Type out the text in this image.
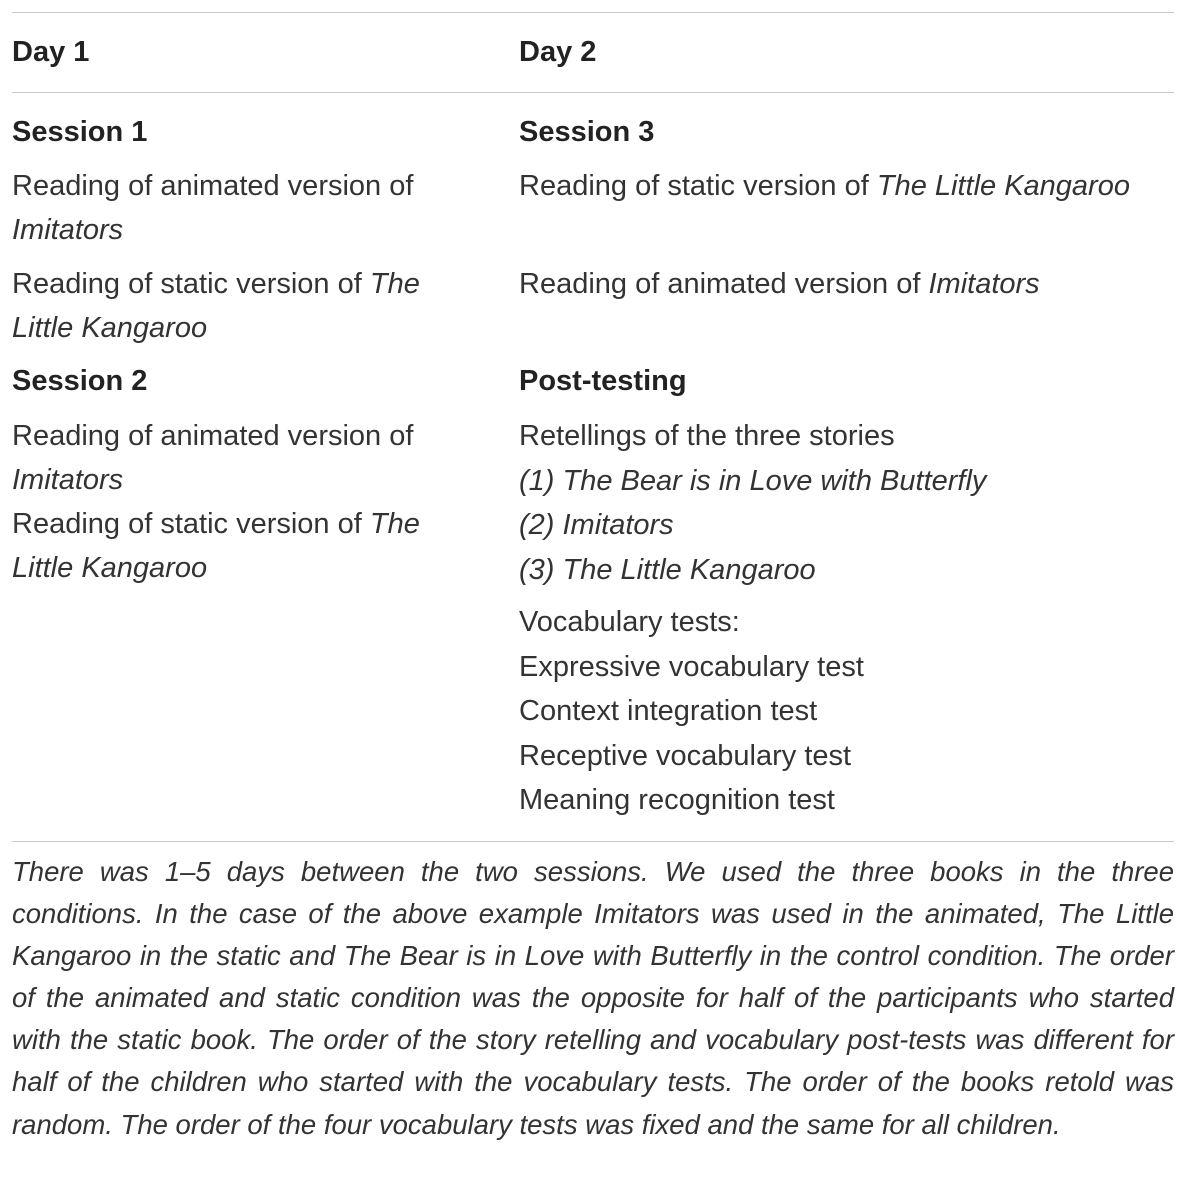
Day 1	Day 2
Session 1
Reading of animated version of Imitators
Reading of static version of The Little Kangaroo
Session 2
Reading of animated version of Imitators
Reading of static version of The Little Kangaroo
Session 3
Reading of static version of The Little Kangaroo
Reading of animated version of Imitators
Post-testing
Retellings of the three stories
(1) The Bear is in Love with Butterfly
(2) Imitators
(3) The Little Kangaroo
Vocabulary tests:
Expressive vocabulary test
Context integration test
Receptive vocabulary test
Meaning recognition test
There was 1–5 days between the two sessions. We used the three books in the three conditions. In the case of the above example Imitators was used in the animated, The Little Kangaroo in the static and The Bear is in Love with Butterfly in the control condition. The order of the animated and static condition was the opposite for half of the participants who started with the static book. The order of the story retelling and vocabulary post-tests was different for half of the children who started with the vocabulary tests. The order of the books retold was random. The order of the four vocabulary tests was fixed and the same for all children.
